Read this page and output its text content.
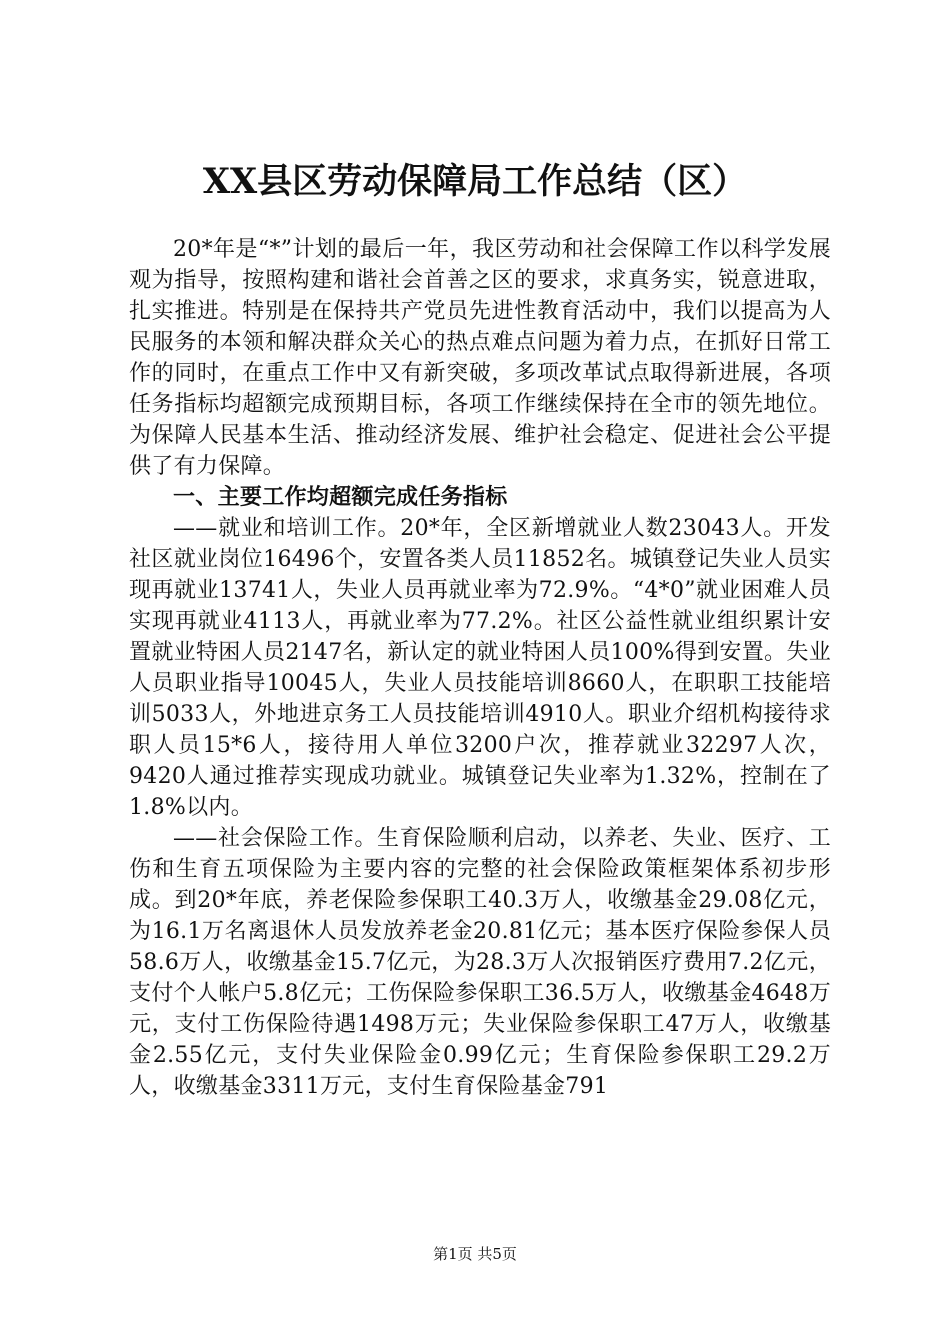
XX县区劳动保障局工作总结（区）

20*年是“*”计划的最后一年，我区劳动和社会保障工作以科学发展观为指导，按照构建和谐社会首善之区的要求，求真务实，锐意进取，扎实推进。特别是在保持共产党员先进性教育活动中，我们以提高为人民服务的本领和解决群众关心的热点难点问题为着力点，在抓好日常工作的同时，在重点工作中又有新突破，多项改革试点取得新进展，各项任务指标均超额完成预期目标，各项工作继续保持在全市的领先地位。为保障人民基本生活、推动经济发展、维护社会稳定、促进社会公平提供了有力保障。

一、主要工作均超额完成任务指标

——就业和培训工作。20*年，全区新增就业人数23043人。开发社区就业岗位16496个，安置各类人员11852名。城镇登记失业人员实现再就业13741人，失业人员再就业率为72.9%。“4*0”就业困难人员实现再就业4113人，再就业率为77.2%。社区公益性就业组织累计安置就业特困人员2147名，新认定的就业特困人员100%得到安置。失业人员职业指导10045人，失业人员技能培训8660人，在职职工技能培训5033人，外地进京务工人员技能培训4910人。职业介绍机构接待求职人员15*6人，接待用人单位3200户次，推荐就业32297人次，9420人通过推荐实现成功就业。城镇登记失业率为1.32%，控制在了1.8%以内。

——社会保险工作。生育保险顺利启动，以养老、失业、医疗、工伤和生育五项保险为主要内容的完整的社会保险政策框架体系初步形成。到20*年底，养老保险参保职工40.3万人，收缴基金29.08亿元，为16.1万名离退休人员发放养老金20.81亿元；基本医疗保险参保人员58.6万人，收缴基金15.7亿元，为28.3万人次报销医疗费用7.2亿元，支付个人帐户5.8亿元；工伤保险参保职工36.5万人，收缴基金4648万元，支付工伤保险待遇1498万元；失业保险参保职工47万人，收缴基金2.55亿元，支付失业保险金0.99亿元；生育保险参保职工29.2万人，收缴基金3311万元，支付生育保险基金791

第1页 共5页
